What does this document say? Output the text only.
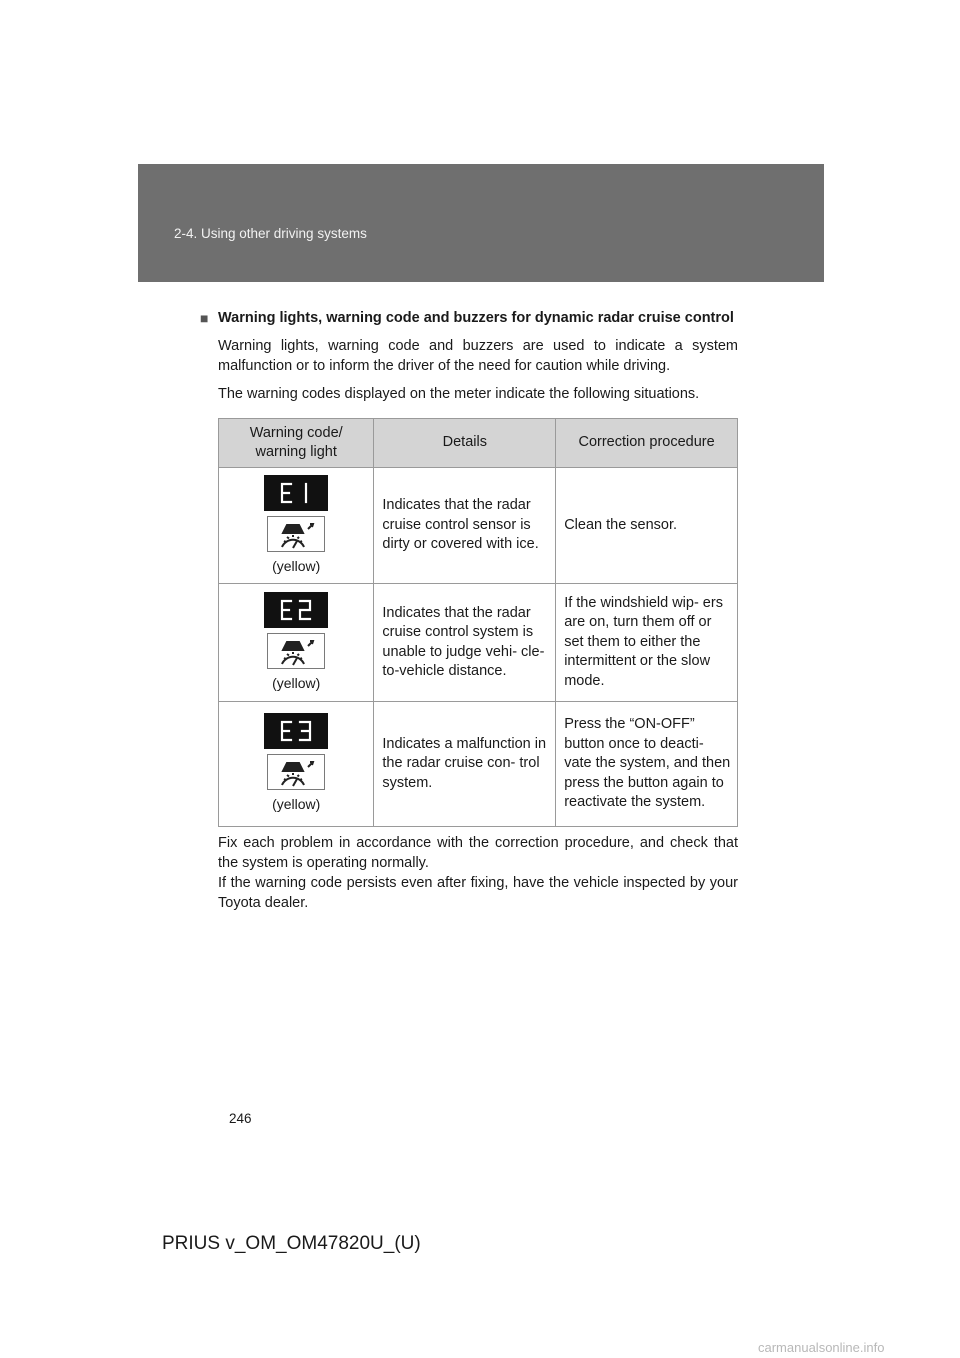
2-4. Using other driving systems
■ Warning lights, warning code and buzzers for dynamic radar cruise control

Warning lights, warning code and buzzers are used to indicate a system malfunction or to inform the driver of the need for caution while driving.

The warning codes displayed on the meter indicate the following situations.

Warning code/ warning light	Details	Correction procedure

(yellow)	Indicates that the radar cruise control sensor is dirty or covered with ice.	Clean the sensor.

(yellow)	Indicates that the radar cruise control system is unable to judge vehi- cle-to-vehicle distance.	If the windshield wip- ers are on, turn them off or set them to either the intermittent or the slow mode.

(yellow)	Indicates a malfunction in the radar cruise con- trol system.	Press the “ON-OFF” button once to deacti- vate the system, and then press the button again to reactivate the system.

Fix each problem in accordance with the correction procedure, and check that the system is operating normally.

If the warning code persists even after fixing, have the vehicle inspected by your Toyota dealer.

246
PRIUS v_OM_OM47820U_(U)
carmanualsonline.info
